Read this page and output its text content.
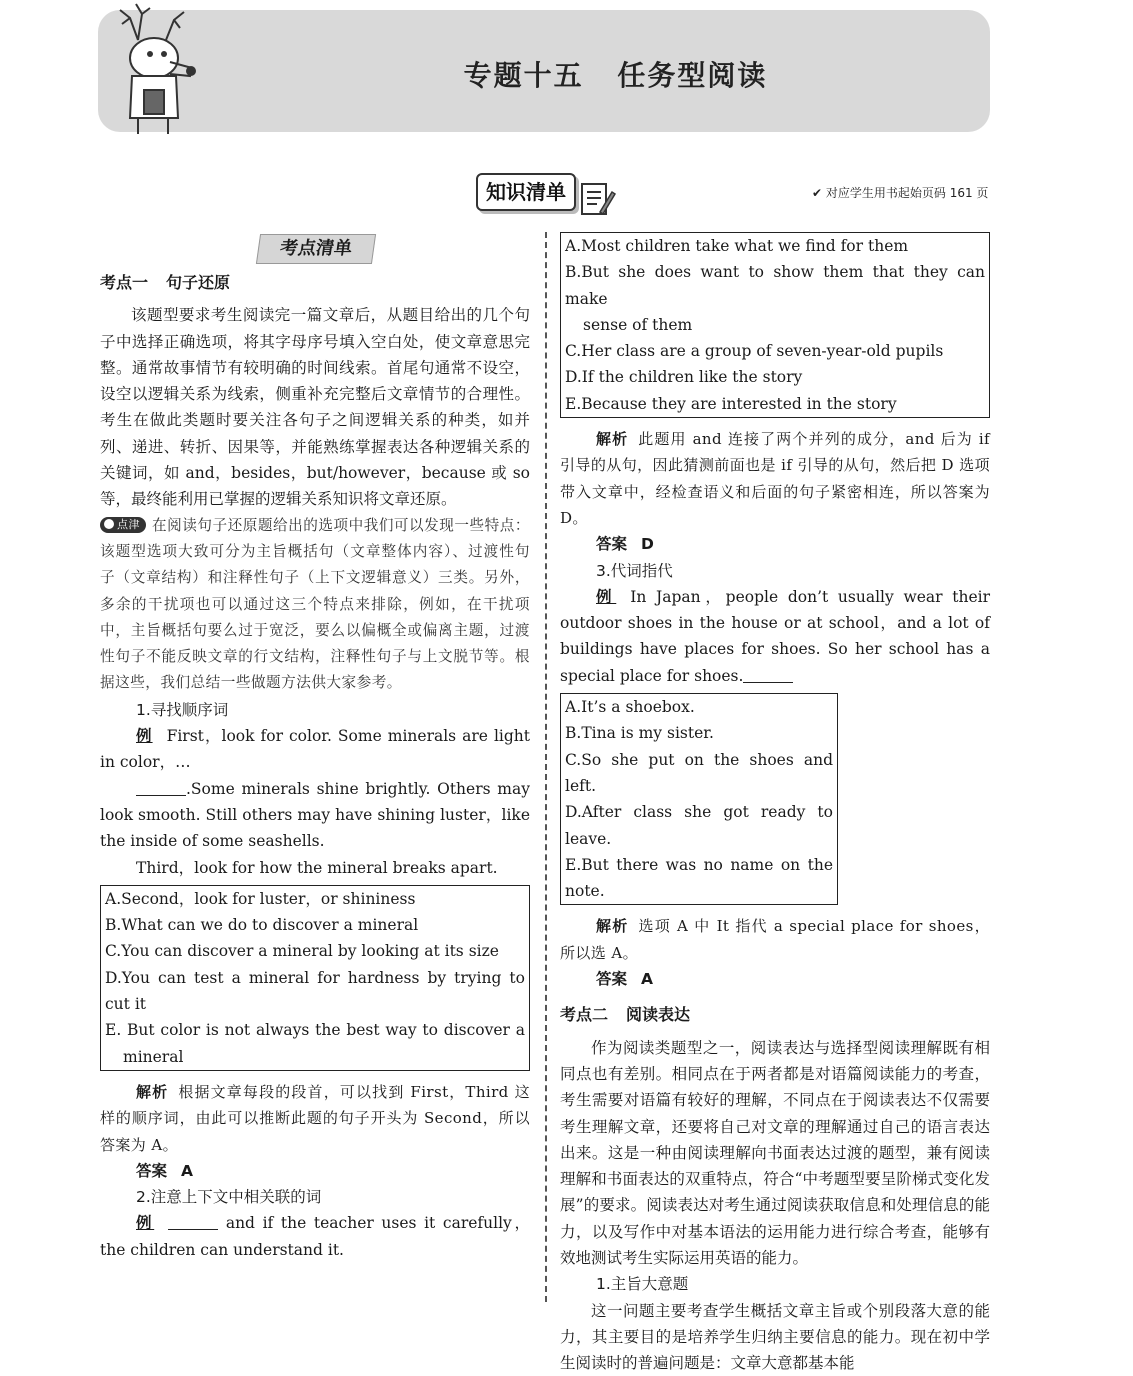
专题十五 任务型阅读
知识清单	✔ 对应学生用书起始页码 161 页
考点清单
考点一 句子还原
该题型要求考生阅读完一篇文章后，从题目给出的几个句子中选择正确选项，将其字母序号填入空白处，使文章意思完整。通常故事情节有较明确的时间线索。首尾句通常不设空，设空以逻辑关系为线索，侧重补充完整后文章情节的合理性。考生在做此类题时要关注各句子之间逻辑关系的种类，如并列、递进、转折、因果等，并能熟练掌握表达各种逻辑关系的关键词，如 and，besides，but/however，because 或 so 等，最终能利用已掌握的逻辑关系知识将文章还原。
点津 在阅读句子还原题给出的选项中我们可以发现一些特点：该题型选项大致可分为主旨概括句（文章整体内容）、过渡性句子（文章结构）和注释性句子（上下文逻辑意义）三类。另外，多余的干扰项也可以通过这三个特点来排除，例如，在干扰项中，主旨概括句要么过于宽泛，要么以偏概全或偏离主题，过渡性句子不能反映文章的行文结构，注释性句子与上文脱节等。根据这些，我们总结一些做题方法供大家参考。
1.寻找顺序词
例 First，look for color. Some minerals are light in color，…
.Some minerals shine brightly. Others may look smooth. Still others may have shining luster，like the inside of some seashells.
Third，look for how the mineral breaks apart.
A.Second，look for luster，or shininess
B.What can we do to discover a mineral
C.You can discover a mineral by looking at its size
D.You can test a mineral for hardness by trying to cut it
E. But color is not always the best way to discover a
mineral
解析 根据文章每段的段首，可以找到 First，Third 这样的顺序词，由此可以推断此题的句子开头为 Second，所以答案为 A。
答案 A
2.注意上下文中相关联的词
例	and if the teacher uses it carefully，the children can understand it.
A.Most children take what we find for them
B.But she does want to show them that they can make
sense of them
C.Her class are a group of seven-year-old pupils
D.If the children like the story
E.Because they are interested in the story
解析 此题用 and 连接了两个并列的成分，and 后为 if 引导的从句，因此猜测前面也是 if 引导的从句，然后把 D 选项带入文章中，经检查语义和后面的句子紧密相连，所以答案为 D。
答案 D
3.代词指代
例 In Japan，people don’t usually wear their outdoor shoes in the house or at school，and a lot of buildings have places for shoes. So her school has a special place for shoes.
A.It’s a shoebox.
B.Tina is my sister.
C.So she put on the shoes and left.
D.After class she got ready to leave.
E.But there was no name on the note.
解析 选项 A 中 It 指代 a special place for shoes，所以选 A。
答案 A
考点二 阅读表达
作为阅读类题型之一，阅读表达与选择型阅读理解既有相同点也有差别。相同点在于两者都是对语篇阅读能力的考查，考生需要对语篇有较好的理解，不同点在于阅读表达不仅需要考生理解文章，还要将自己对文章的理解通过自己的语言表达出来。这是一种由阅读理解向书面表达过渡的题型，兼有阅读理解和书面表达的双重特点，符合“中考题型要呈阶梯式变化发展”的要求。阅读表达对考生通过阅读获取信息和处理信息的能力，以及写作中对基本语法的运用能力进行综合考查，能够有效地测试考生实际运用英语的能力。
1.主旨大意题
这一问题主要考查学生概括文章主旨或个别段落大意的能力，其主要目的是培养学生归纳主要信息的能力。现在初中学生阅读时的普遍问题是：文章大意都基本能
